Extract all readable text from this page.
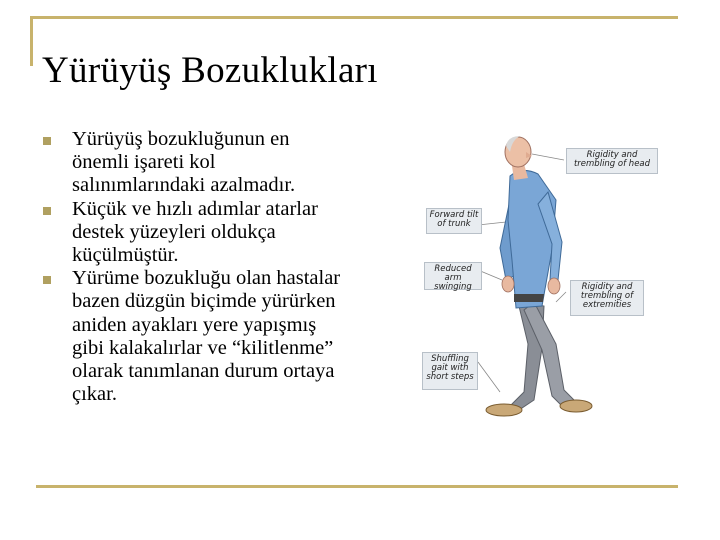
Yürüyüş Bozuklukları
Yürüyüş bozukluğunun en önemli işareti kol salınımlarındaki azalmadır.
Küçük ve hızlı adımlar atarlar destek yüzeyleri oldukça küçülmüştür.
Yürüme bozukluğu olan hastalar bazen düzgün biçimde yürürken aniden ayakları yere yapışmış gibi kalakalırlar ve “kilitlenme” olarak tanımlanan durum ortaya çıkar.
Rigidity and trembling of head
Forward tilt of trunk
Reduced arm swinging	Rigidity and trembling of extremities
Shuffling gait with short steps
